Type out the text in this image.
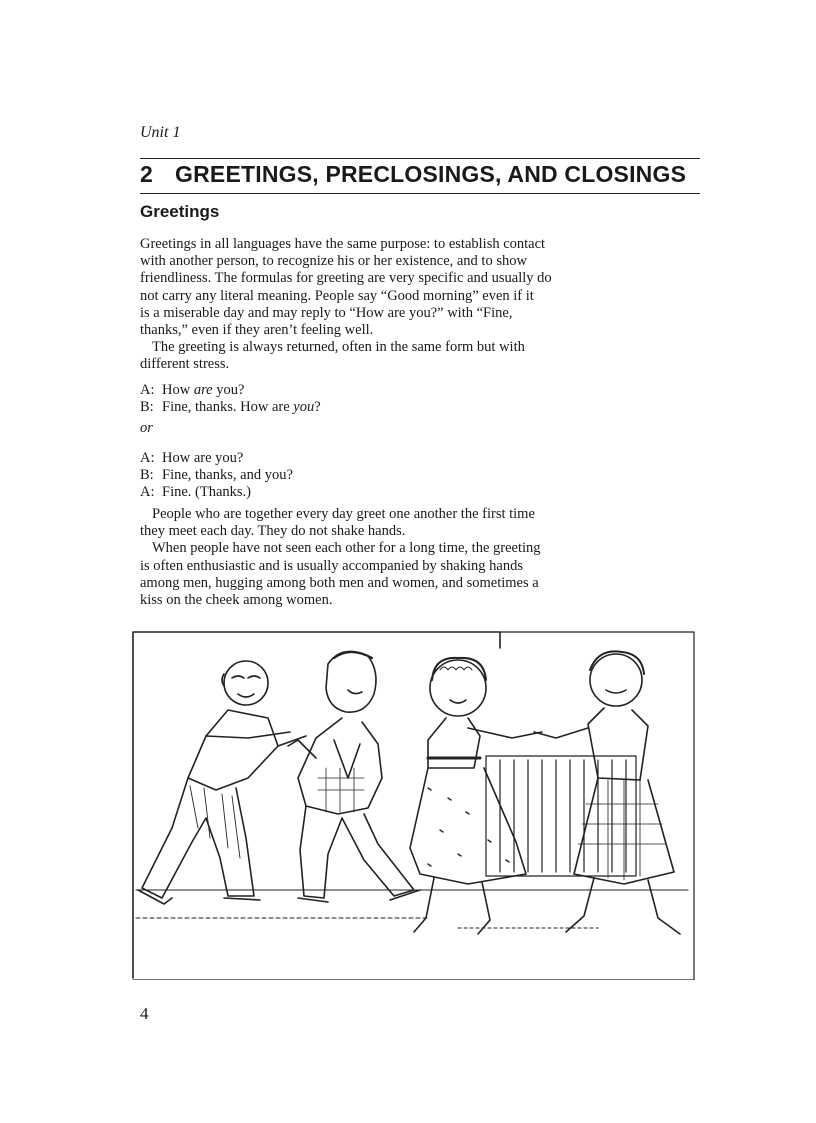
Unit 1
2 GREETINGS, PRECLOSINGS, AND CLOSINGS
Greetings
Greetings in all languages have the same purpose: to establish contact
with another person, to recognize his or her existence, and to show
friendliness. The formulas for greeting are very specific and usually do
not carry any literal meaning. People say “Good morning” even if it
is a miserable day and may reply to “How are you?” with “Fine,
thanks,” even if they aren’t feeling well.
The greeting is always returned, often in the same form but with
different stress.
A: How are you?
B: Fine, thanks. How are you?
or
A: How are you?
B: Fine, thanks, and you?
A: Fine. (Thanks.)
People who are together every day greet one another the first time
they meet each day. They do not shake hands.
When people have not seen each other for a long time, the greeting
is often enthusiastic and is usually accompanied by shaking hands
among men, hugging among both men and women, and sometimes a
kiss on the cheek among women.
4
